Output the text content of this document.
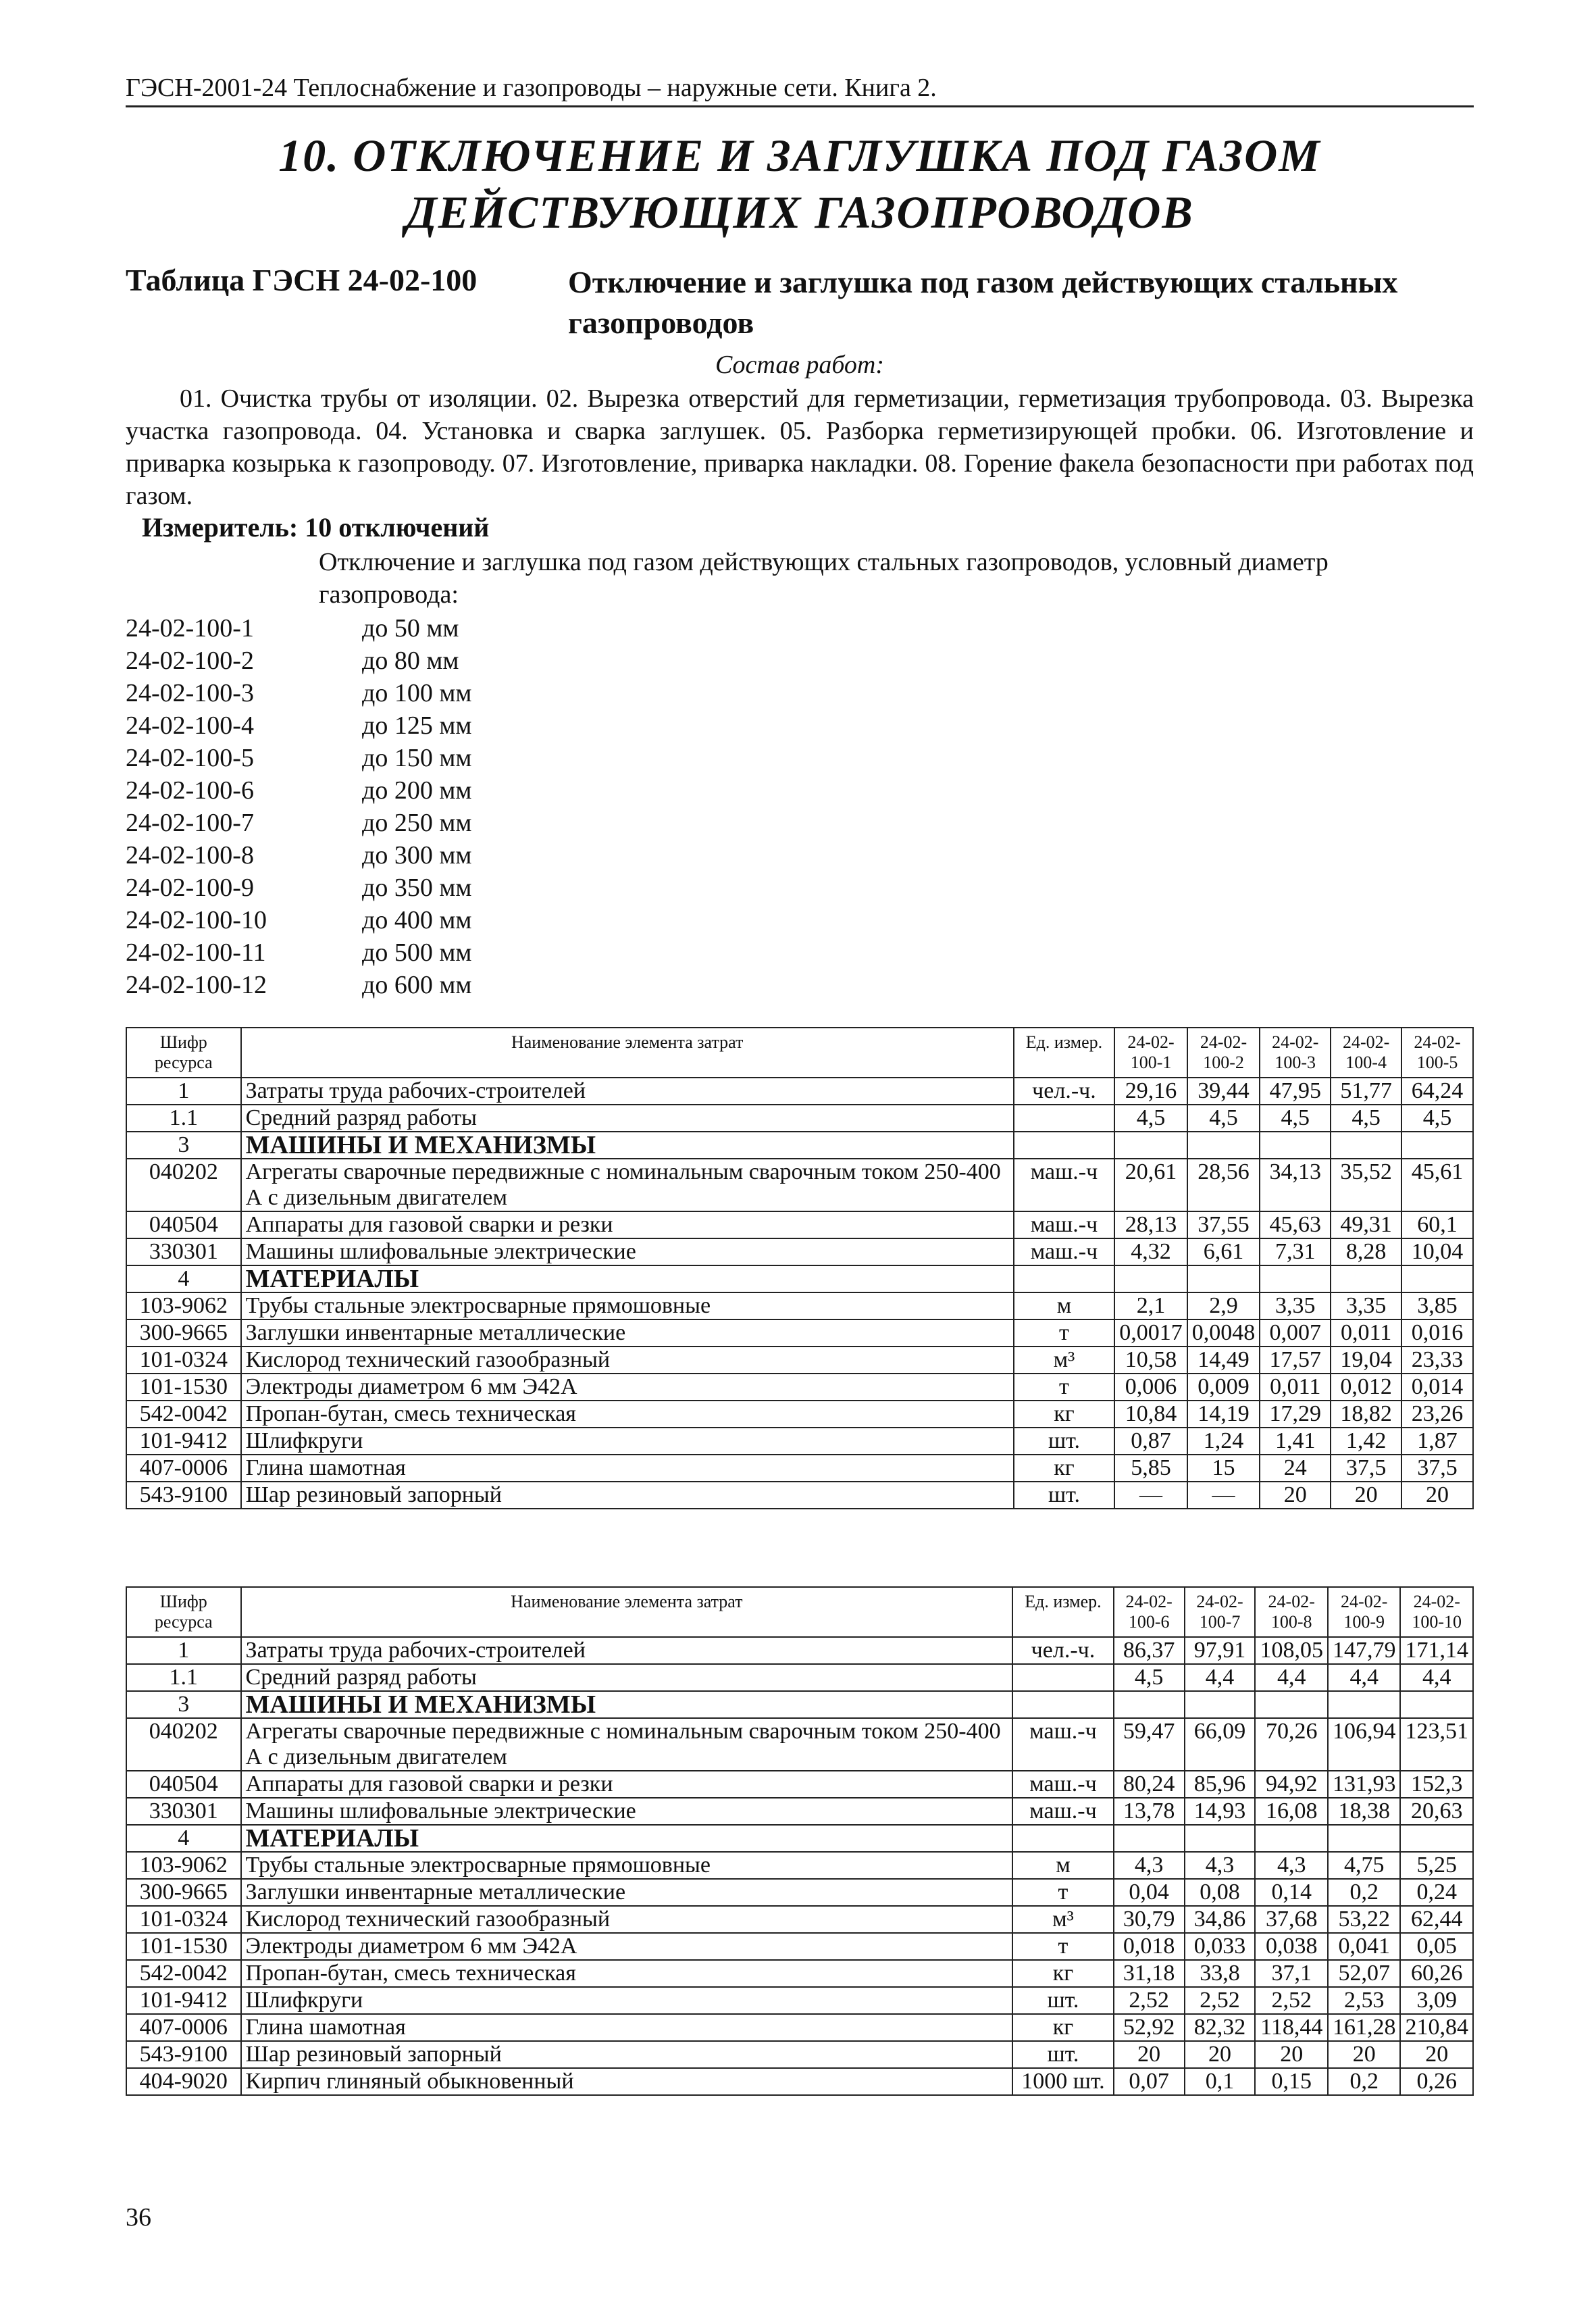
ГЭСН-2001-24 Теплоснабжение и газопроводы – наружные сети. Книга 2.
10. ОТКЛЮЧЕНИЕ И ЗАГЛУШКА ПОД ГАЗОМ
ДЕЙСТВУЮЩИХ ГАЗОПРОВОДОВ
Таблица ГЭСН 24-02-100	Отключение и заглушка под газом действующих стальных газопроводов
Состав работ:
01. Очистка трубы от изоляции. 02. Вырезка отверстий для герметизации, герметизация трубопровода. 03. Вырезка участка газопровода. 04. Установка и сварка заглушек. 05. Разборка герметизирующей пробки. 06. Изготовление и приварка козырька к газопроводу. 07. Изготовление, приварка накладки. 08. Горение факела безопасности при работах под газом.
Измеритель: 10 отключений
Отключение и заглушка под газом действующих стальных газопроводов, условный диаметр газопровода:
24-02-100-1	до 50 мм
24-02-100-2	до 80 мм
24-02-100-3	до 100 мм
24-02-100-4	до 125 мм
24-02-100-5	до 150 мм
24-02-100-6	до 200 мм
24-02-100-7	до 250 мм
24-02-100-8	до 300 мм
24-02-100-9	до 350 мм
24-02-100-10	до 400 мм
24-02-100-11	до 500 мм
24-02-100-12	до 600 мм
Шифр ресурса	Наименование элемента затрат	Ед. измер.	24-02-100-1	24-02-100-2	24-02-100-3	24-02-100-4	24-02-100-5
1	Затраты труда рабочих-строителей	чел.-ч.	29,16	39,44	47,95	51,77	64,24
1.1	Средний разряд работы		4,5	4,5	4,5	4,5	4,5
3	МАШИНЫ И МЕХАНИЗМЫ						
040202	Агрегаты сварочные передвижные с номинальным сварочным током 250-400 А с дизельным двигателем	маш.-ч	20,61	28,56	34,13	35,52	45,61
040504	Аппараты для газовой сварки и резки	маш.-ч	28,13	37,55	45,63	49,31	60,1
330301	Машины шлифовальные электрические	маш.-ч	4,32	6,61	7,31	8,28	10,04
4	МАТЕРИАЛЫ						
103-9062	Трубы стальные электросварные прямошовные	м	2,1	2,9	3,35	3,35	3,85
300-9665	Заглушки инвентарные металлические	т	0,0017	0,0048	0,007	0,011	0,016
101-0324	Кислород технический газообразный	м³	10,58	14,49	17,57	19,04	23,33
101-1530	Электроды диаметром 6 мм Э42А	т	0,006	0,009	0,011	0,012	0,014
542-0042	Пропан-бутан, смесь техническая	кг	10,84	14,19	17,29	18,82	23,26
101-9412	Шлифкруги	шт.	0,87	1,24	1,41	1,42	1,87
407-0006	Глина шамотная	кг	5,85	15	24	37,5	37,5
543-9100	Шар резиновый запорный	шт.	—	—	20	20	20
Шифр ресурса	Наименование элемента затрат	Ед. измер.	24-02-100-6	24-02-100-7	24-02-100-8	24-02-100-9	24-02-100-10
1	Затраты труда рабочих-строителей	чел.-ч.	86,37	97,91	108,05	147,79	171,14
1.1	Средний разряд работы		4,5	4,4	4,4	4,4	4,4
3	МАШИНЫ И МЕХАНИЗМЫ						
040202	Агрегаты сварочные передвижные с номинальным сварочным током 250-400 А с дизельным двигателем	маш.-ч	59,47	66,09	70,26	106,94	123,51
040504	Аппараты для газовой сварки и резки	маш.-ч	80,24	85,96	94,92	131,93	152,3
330301	Машины шлифовальные электрические	маш.-ч	13,78	14,93	16,08	18,38	20,63
4	МАТЕРИАЛЫ						
103-9062	Трубы стальные электросварные прямошовные	м	4,3	4,3	4,3	4,75	5,25
300-9665	Заглушки инвентарные металлические	т	0,04	0,08	0,14	0,2	0,24
101-0324	Кислород технический газообразный	м³	30,79	34,86	37,68	53,22	62,44
101-1530	Электроды диаметром 6 мм Э42А	т	0,018	0,033	0,038	0,041	0,05
542-0042	Пропан-бутан, смесь техническая	кг	31,18	33,8	37,1	52,07	60,26
101-9412	Шлифкруги	шт.	2,52	2,52	2,52	2,53	3,09
407-0006	Глина шамотная	кг	52,92	82,32	118,44	161,28	210,84
543-9100	Шар резиновый запорный	шт.	20	20	20	20	20
404-9020	Кирпич глиняный обыкновенный	1000 шт.	0,07	0,1	0,15	0,2	0,26
36
